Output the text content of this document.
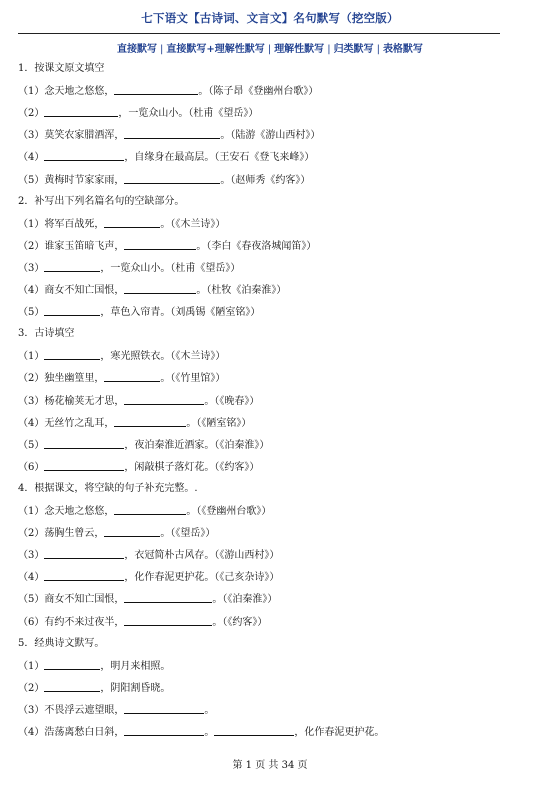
七下语文【古诗词、文言文】名句默写（挖空版）
直接默写 | 直接默写+理解性默写 | 理解性默写 | 归类默写 | 表格默写
1．按课文原文填空
（1）念天地之悠悠，	。（陈子昂《登幽州台歌》）
（2）	，一览众山小。（杜甫《望岳》）
（3）莫笑农家腊酒浑，	。（陆游《游山西村》）
（4）	，自缘身在最高层。（王安石《登飞来峰》）
（5）黄梅时节家家雨，	。（赵师秀《约客》）
2．补写出下列名篇名句的空缺部分。
（1）将军百战死，	。（《木兰诗》）
（2）谁家玉笛暗飞声，	。（李白《春夜洛城闻笛》）
（3）	，一览众山小。（杜甫《望岳》）
（4）商女不知亡国恨，	。（杜牧《泊秦淮》）
（5）	，草色入帘青。（刘禹锡《陋室铭》）
3．古诗填空
（1）	，寒光照铁衣。（《木兰诗》）
（2）独坐幽篁里，	。（《竹里馆》）
（3）杨花榆荚无才思，	。（《晚春》）
（4）无丝竹之乱耳，	。（《陋室铭》）
（5）	，夜泊秦淮近酒家。（《泊秦淮》）
（6）	，闲敲棋子落灯花。（《约客》）
4．根据课文，将空缺的句子补充完整。.
（1）念天地之悠悠，	。（《登幽州台歌》）
（2）荡胸生曾云，	。（《望岳》）
（3）	，衣冠简朴古风存。（《游山西村》）
（4）	，化作春泥更护花。（《己亥杂诗》）
（5）商女不知亡国恨，	。（《泊秦淮》）
（6）有约不来过夜半，	。（《约客》）
5．经典诗文默写。
（1）	，明月来相照。
（2）	，阴阳割昏晓。
（3）不畏浮云遮望眼，	。
（4）浩荡离愁白日斜，	。	，化作春泥更护花。
第 1 页 共 34 页
